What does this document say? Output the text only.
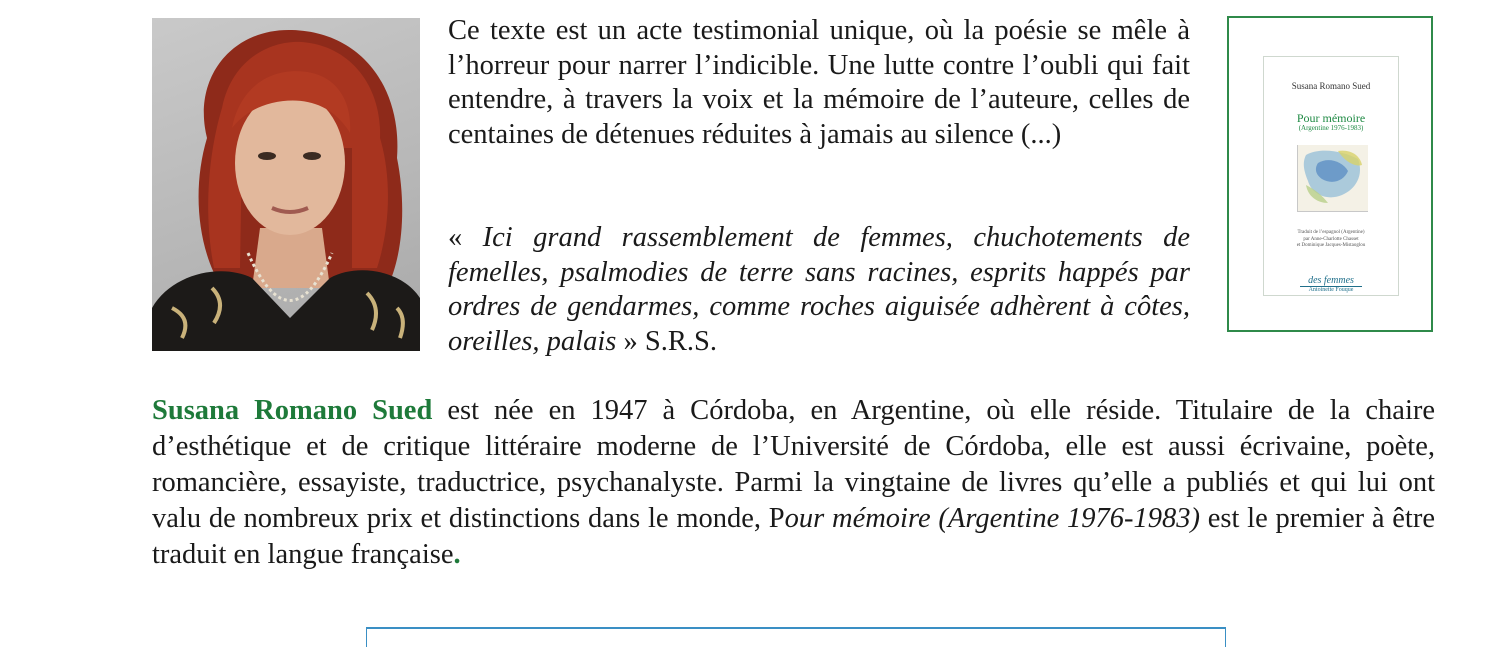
Ce texte est un acte testimonial unique, où la poésie se mêle à l’horreur pour narrer l’indicible. Une lutte contre l’oubli qui fait entendre, à travers la voix et la mémoire de l’auteure, celles de centaines de détenues réduites à jamais au silence (...)

« Ici grand rassemblement de femmes, chuchotements de femelles, psalmodies de terre sans racines, esprits happés par ordres de gendarmes, comme roches aiguisée adhèrent à côtes, oreilles, palais » S.R.S.

Susana Romano Sued
Pour mémoire
(Argentine 1976-1983)
Traduit de l’espagnol (Argentine)
par Anne-Charlotte Chasset
et Dominique Jacques-Mistaoglou
des femmes
Antoinette Fouque

Susana Romano Sued est née en 1947 à Córdoba, en Argentine, où elle réside. Titulaire de la chaire d’esthétique et de critique littéraire moderne de l’Université de Córdoba, elle est aussi écrivaine, poète, romancière, essayiste, traductrice, psychanalyste. Parmi la vingtaine de livres qu’elle a publiés et qui lui ont valu de nombreux prix et distinctions dans le monde, Pour mémoire (Argentine 1976-1983) est le premier à être traduit en langue française.
